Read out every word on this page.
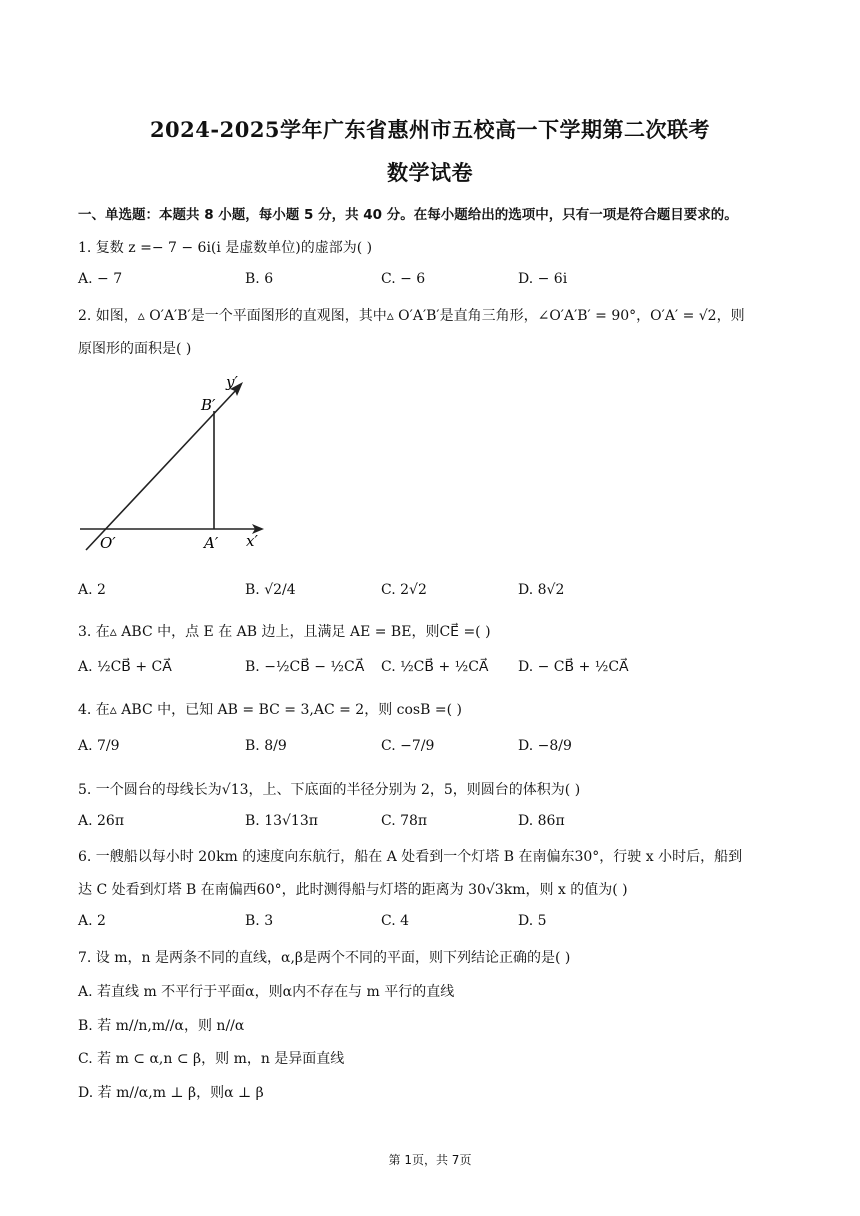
2024-2025学年广东省惠州市五校高一下学期第二次联考
数学试卷
一、单选题：本题共 8 小题，每小题 5 分，共 40 分。在每小题给出的选项中，只有一项是符合题目要求的。
1. 复数 z =− 7 − 6i(i 是虚数单位)的虚部为( )
A. − 7	B. 6	C. − 6	D. − 6i
2. 如图，▵ O′A′B′是一个平面图形的直观图，其中▵ O′A′B′是直角三角形，∠O′A′B′ = 90°，O′A′ = √2，则
原图形的面积是( )
y′
B′
O′	A′ x′
A. 2	B. √2/4	C. 2√2	D. 8√2
3. 在▵ ABC 中，点 E 在 AB 边上，且满足 AE = BE，则CE⃗ =( )
A. ½CB⃗ + CA⃗	B. −½CB⃗ − ½CA⃗ C. ½CB⃗ + ½CA⃗ D. − CB⃗ + ½CA⃗
4. 在▵ ABC 中，已知 AB = BC = 3,AC = 2，则 cosB =( )
A. 7/9	B. 8/9	C. −7/9	D. −8/9
5. 一个圆台的母线长为√13，上、下底面的半径分别为 2，5，则圆台的体积为( )
A. 26π	B. 13√13π	C. 78π	D. 86π
6. 一艘船以每小时 20km 的速度向东航行，船在 A 处看到一个灯塔 B 在南偏东30°，行驶 x 小时后，船到
达 C 处看到灯塔 B 在南偏西60°，此时测得船与灯塔的距离为 30√3km，则 x 的值为( )
A. 2	B. 3	C. 4	D. 5
7. 设 m，n 是两条不同的直线，α,β是两个不同的平面，则下列结论正确的是( )
A. 若直线 m 不平行于平面α，则α内不存在与 m 平行的直线
B. 若 m//n,m//α，则 n//α
C. 若 m ⊂ α,n ⊂ β，则 m，n 是异面直线
D. 若 m//α,m ⊥ β，则α ⊥ β
第 1页，共 7页
